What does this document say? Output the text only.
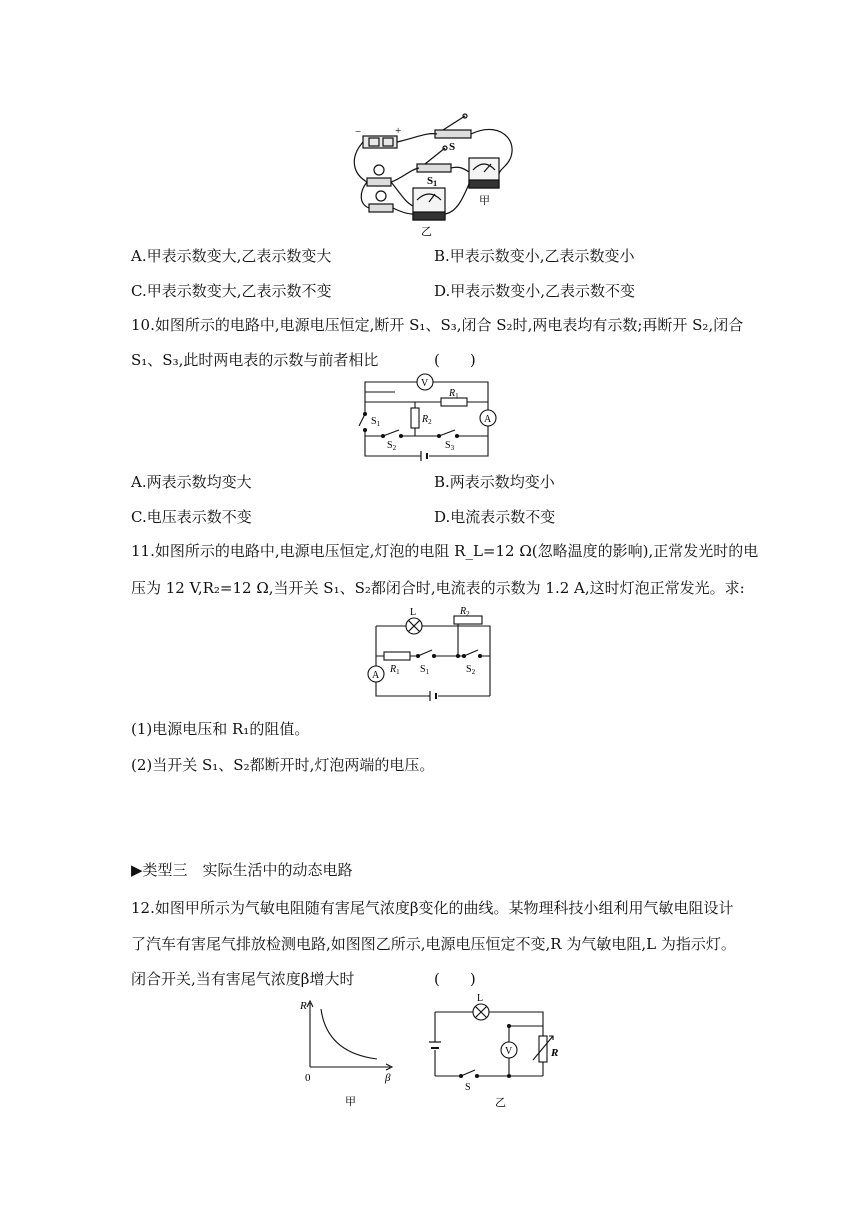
−	+
S
S1
甲
乙
A.甲表示数变大,乙表示数变大	B.甲表示数变小,乙表示数变小
C.甲表示数变大,乙表示数不变	D.甲表示数变小,乙表示数不变
10.如图所示的电路中,电源电压恒定,断开 S₁、S₃,闭合 S₂时,两电表均有示数;再断开 S₂,闭合
S₁、S₃,此时两电表的示数与前者相比	(　　)
V
A
$R_1$
$R_2$
$S_1$
$S_2$	$S_3$
A.两表示数均变大	B.两表示数均变小
C.电压表示数不变	D.电流表示数不变
11.如图所示的电路中,电源电压恒定,灯泡的电阻 R_L=12 Ω(忽略温度的影响),正常发光时的电
压为 12 V,R₂=12 Ω,当开关 S₁、S₂都闭合时,电流表的示数为 1.2 A,这时灯泡正常发光。求:
L	$R_2$
$R_1$ $S_1$	$S_2$
A
(1)电源电压和 R₁的阻值。
(2)当开关 S₁、S₂都断开时,灯泡两端的电压。
▶类型三　实际生活中的动态电路
12.如图甲所示为气敏电阻随有害尾气浓度β变化的曲线。某物理科技小组利用气敏电阻设计
了汽车有害尾气排放检测电路,如图图乙所示,电源电压恒定不变,R 为气敏电阻,L 为指示灯。
闭合开关,当有害尾气浓度β增大时	(　　)
R
0	β
甲
L
V	R
S
乙
